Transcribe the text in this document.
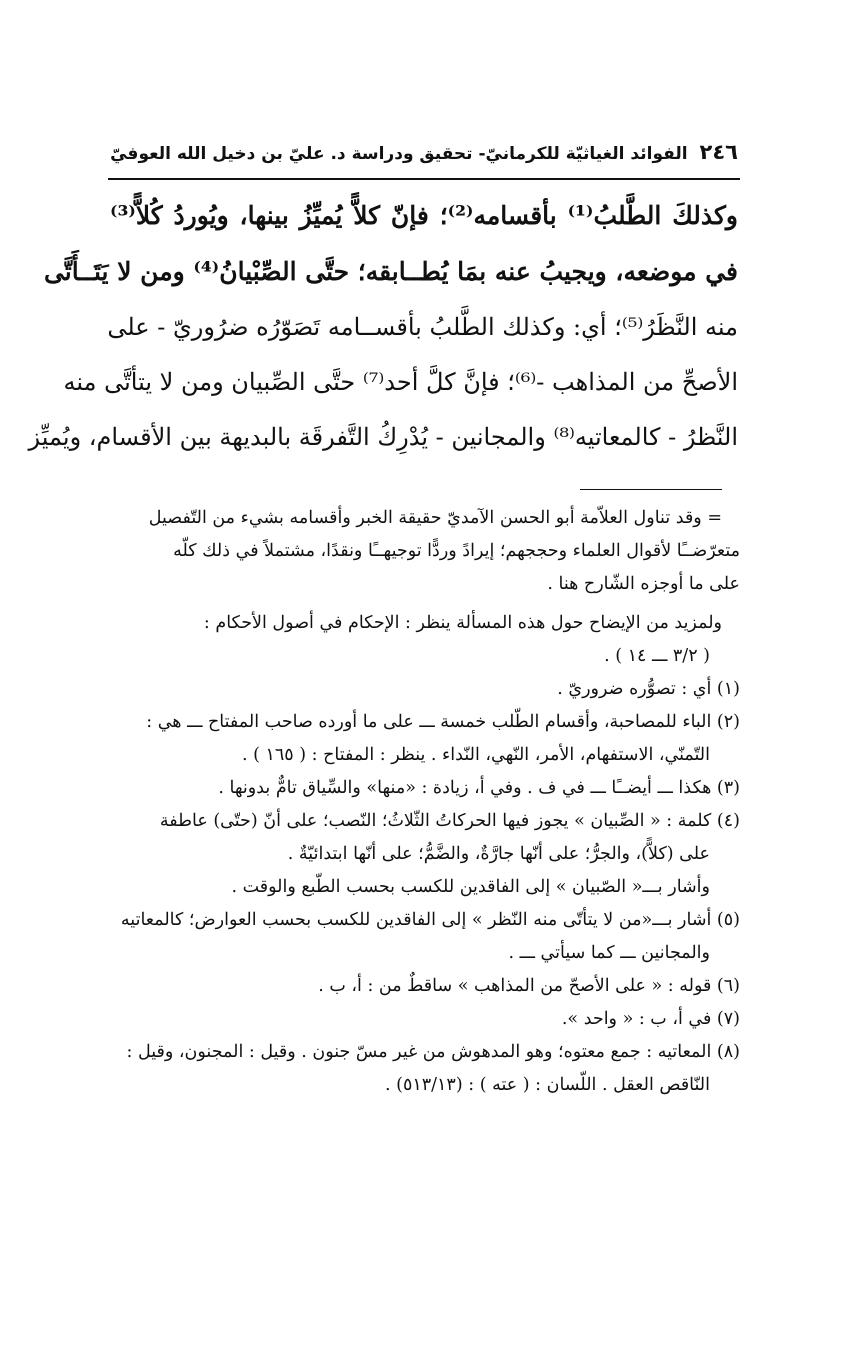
٢٤٦
الفوائد الغياثيّة للكرمانيّ- تحقيق ودراسة د. عليّ بن دخيل الله العوفيّ
وكذلكَ الطَّلبُ⁽¹⁾ بأقسامه⁽²⁾؛ فإنّ كلاًّ يُميِّزُ بينها، ويُوردُ كُلاًّ⁽³⁾
في موضعه، ويجيبُ عنه بمَا يُطــابقه؛ حتَّى الصِّبْيانُ⁽⁴⁾ ومن لا يَتَــأَتَّى
منه النَّظَرُ⁽⁵⁾؛ أي: وكذلك الطَّلبُ بأقســامه تَصَوّرُه ضرُوريّ - على
الأصحِّ من المذاهب -⁽⁶⁾؛ فإنَّ كلَّ أحد⁽⁷⁾ حتَّى الصِّبيان ومن لا يتأتَّى منه
النَّظرُ - كالمعاتيه⁽⁸⁾ والمجانين - يُدْرِكُ التَّفرقَة بالبديهة بين الأقسام، ويُميِّز
= وقد تناول العلاّمة أبو الحسن الآمديّ حقيقة الخبر وأقسامه بشيء من التّفصيل
متعرّضــًا لأقوال العلماء وحججهم؛ إيرادً وردًّا توجيهــًا ونقدًا، مشتملاً في ذلك كلّه
على ما أوجزه الشّارح هنا .
ولمزيد من الإيضاح حول هذه المسألة ينظر : الإحكام في أصول الأحكام :
( ٣/٢ ـــ ١٤ ) .
(١) أي : تصوُّره ضروريّ .
(٢) الباء للمصاحبة، وأقسام الطّلب خمسة ـــ على ما أورده صاحب المفتاح ـــ هي :
التّمنّي، الاستفهام، الأمر، النّهي، النّداء . ينظر : المفتاح : ( ١٦٥ ) .
(٣) هكذا ـــ أيضــًا ـــ في ف . وفي أ، زيادة : «منها» والسِّياق تامٌّ بدونها .
(٤) كلمة : « الصِّبيان » يجوز فيها الحركاتُ الثّلاثُ؛ النّصب؛ على أنّ (حتّى) عاطفة
على (كلاًّ)، والجرُّ؛ على أنّها جارَّةٌ، والضَّمُّ؛ على أنّها ابتدائيّةٌ .
وأشار بـــ« الصّبيان » إلى الفاقدين للكسب بحسب الطّبع والوقت .
(٥) أشار بـــ«من لا يتأتّى منه النّظر » إلى الفاقدين للكسب بحسب العوارض؛ كالمعاتيه
والمجانين ـــ كما سيأتي ـــ .
(٦) قوله : « على الأصحّ من المذاهب » ساقطٌ من : أ، ب .
(٧) في أ، ب : « واحد ».
(٨) المعاتيه : جمع معتوه؛ وهو المدهوش من غير مسّ جنون . وقيل : المجنون، وقيل :
النّاقص العقل . اللّسان : ( عته ) : (٥١٣/١٣) .
